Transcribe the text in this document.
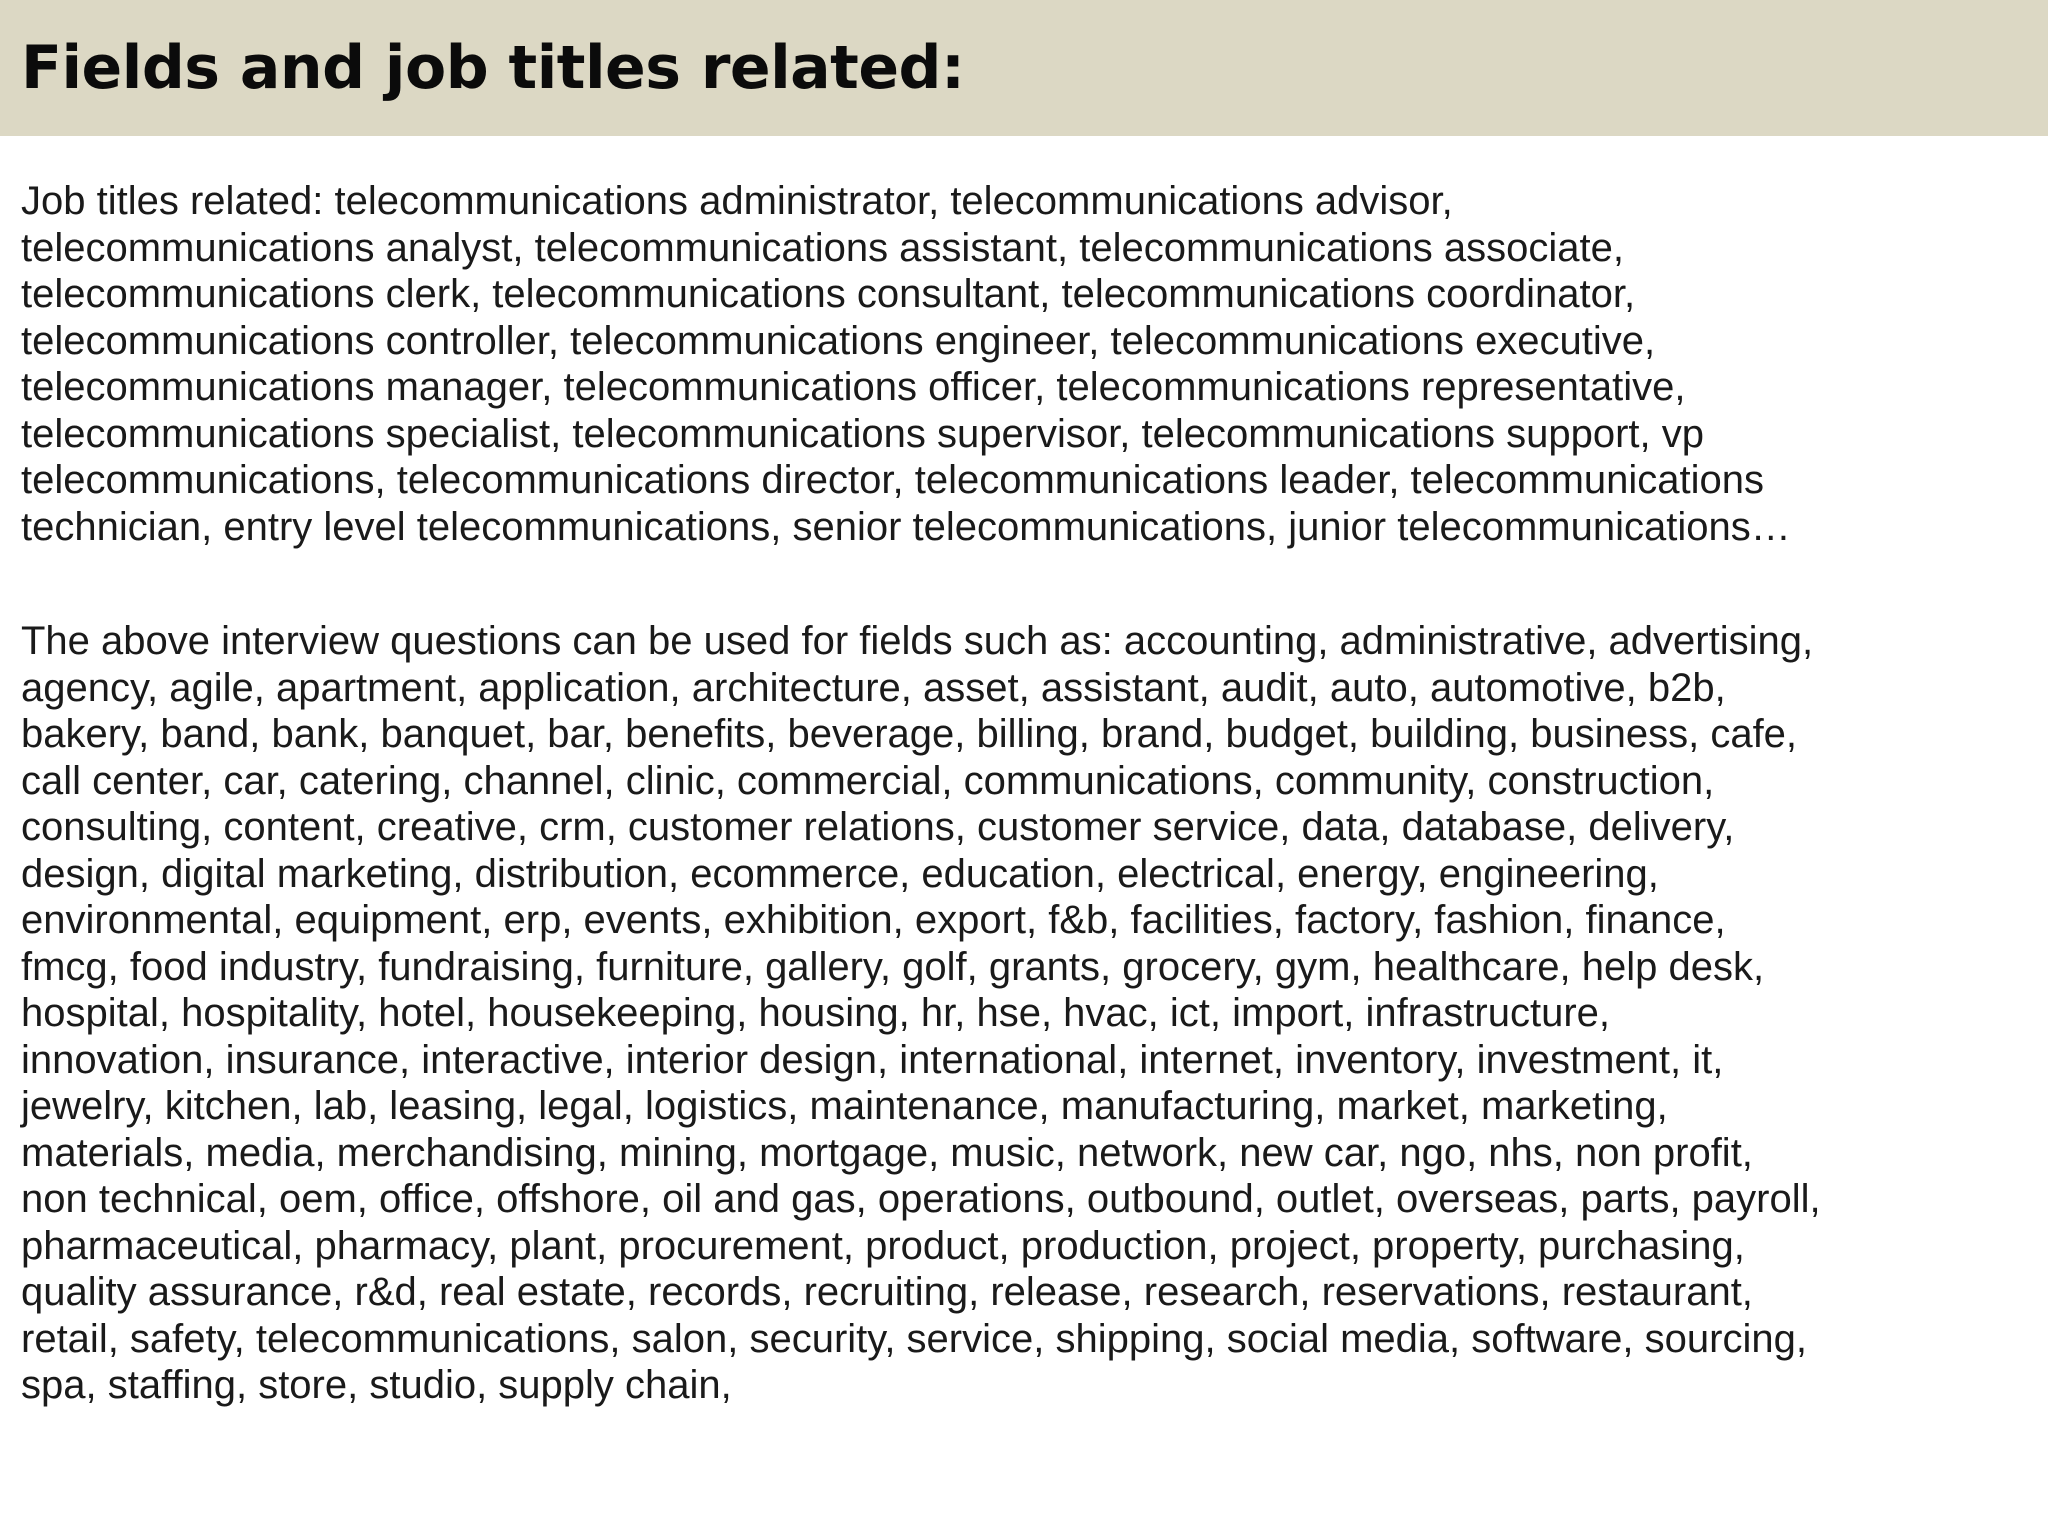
Fields and job titles related:
Job titles related: telecommunications administrator, telecommunications advisor,
telecommunications analyst, telecommunications assistant, telecommunications associate,
telecommunications clerk, telecommunications consultant, telecommunications coordinator,
telecommunications controller, telecommunications engineer, telecommunications executive,
telecommunications manager, telecommunications officer, telecommunications representative,
telecommunications specialist, telecommunications supervisor, telecommunications support, vp
telecommunications, telecommunications director, telecommunications leader, telecommunications
technician, entry level telecommunications, senior telecommunications, junior telecommunications…
The above interview questions can be used for fields such as: accounting, administrative, advertising,
agency, agile, apartment, application, architecture, asset, assistant, audit, auto, automotive, b2b,
bakery, band, bank, banquet, bar, benefits, beverage, billing, brand, budget, building, business, cafe,
call center, car, catering, channel, clinic, commercial, communications, community, construction,
consulting, content, creative, crm, customer relations, customer service, data, database, delivery,
design, digital marketing, distribution, ecommerce, education, electrical, energy, engineering,
environmental, equipment, erp, events, exhibition, export, f&b, facilities, factory, fashion, finance,
fmcg, food industry, fundraising, furniture, gallery, golf, grants, grocery, gym, healthcare, help desk,
hospital, hospitality, hotel, housekeeping, housing, hr, hse, hvac, ict, import, infrastructure,
innovation, insurance, interactive, interior design, international, internet, inventory, investment, it,
jewelry, kitchen, lab, leasing, legal, logistics, maintenance, manufacturing, market, marketing,
materials, media, merchandising, mining, mortgage, music, network, new car, ngo, nhs, non profit,
non technical, oem, office, offshore, oil and gas, operations, outbound, outlet, overseas, parts, payroll,
pharmaceutical, pharmacy, plant, procurement, product, production, project, property, purchasing,
quality assurance, r&d, real estate, records, recruiting, release, research, reservations, restaurant,
retail, safety, telecommunications, salon, security, service, shipping, social media, software, sourcing,
spa, staffing, store, studio, supply chain,
